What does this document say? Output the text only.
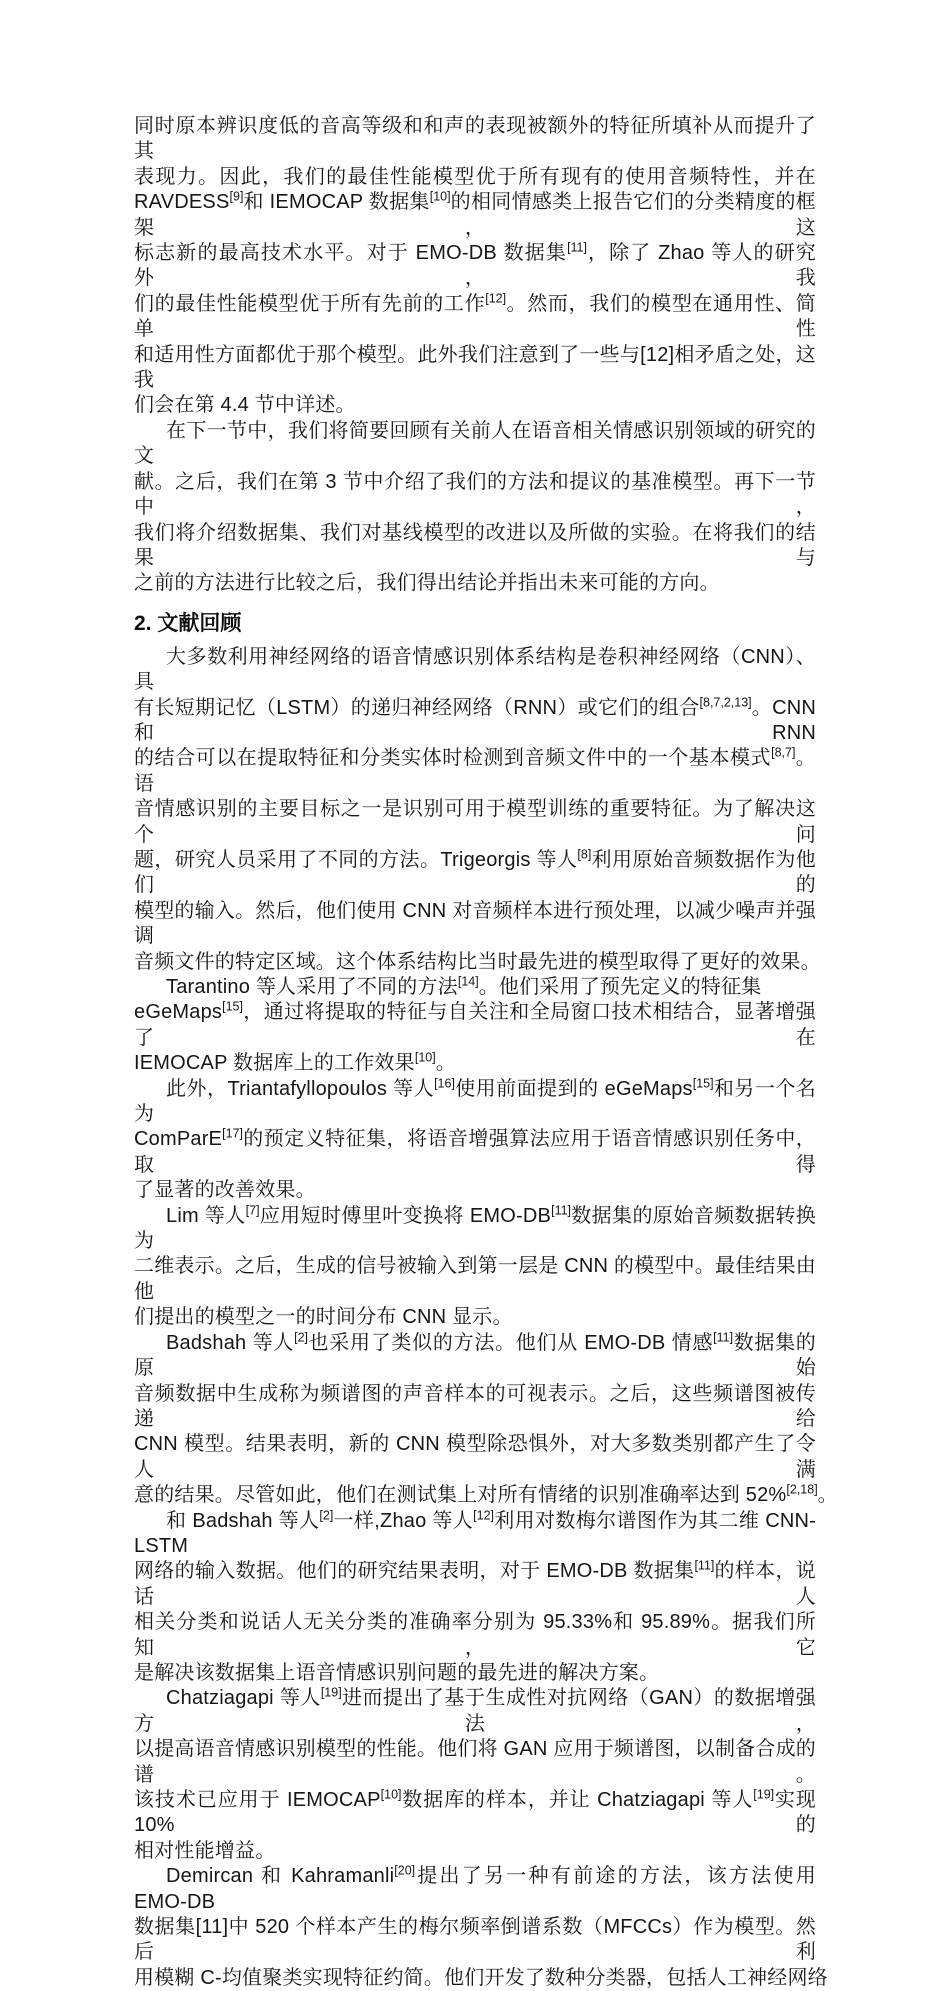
同时原本辨识度低的音高等级和和声的表现被额外的特征所填补从而提升了其
表现力。因此，我们的最佳性能模型优于所有现有的使用音频特性，并在
RAVDESS[9]和 IEMOCAP 数据集[10]的相同情感类上报告它们的分类精度的框架，这
标志新的最高技术水平。对于 EMO-DB 数据集[11]，除了 Zhao 等人的研究外，我
们的最佳性能模型优于所有先前的工作[12]。然而，我们的模型在通用性、简单性
和适用性方面都优于那个模型。此外我们注意到了一些与[12]相矛盾之处，这我
们会在第 4.4 节中详述。
在下一节中，我们将简要回顾有关前人在语音相关情感识别领域的研究的文
献。之后，我们在第 3 节中介绍了我们的方法和提议的基准模型。再下一节中，
我们将介绍数据集、我们对基线模型的改进以及所做的实验。在将我们的结果与
之前的方法进行比较之后，我们得出结论并指出未来可能的方向。
2. 文献回顾
大多数利用神经网络的语音情感识别体系结构是卷积神经网络（CNN）、具
有长短期记忆（LSTM）的递归神经网络（RNN）或它们的组合[8,7,2,13]。CNN 和 RNN
的结合可以在提取特征和分类实体时检测到音频文件中的一个基本模式[8,7]。语
音情感识别的主要目标之一是识别可用于模型训练的重要特征。为了解决这个问
题，研究人员采用了不同的方法。Trigeorgis 等人[8]利用原始音频数据作为他们的
模型的输入。然后，他们使用 CNN 对音频样本进行预处理，以减少噪声并强调
音频文件的特定区域。这个体系结构比当时最先进的模型取得了更好的效果。
Tarantino 等人采用了不同的方法[14]。他们采用了预先定义的特征集
eGeMaps[15]，通过将提取的特征与自关注和全局窗口技术相结合，显著增强了在
IEMOCAP 数据库上的工作效果[10]。
此外，Triantafyllopoulos 等人[16]使用前面提到的 eGeMaps[15]和另一个名为
ComParE[17]的预定义特征集，将语音增强算法应用于语音情感识别任务中，取得
了显著的改善效果。
Lim 等人[7]应用短时傅里叶变换将 EMO-DB[11]数据集的原始音频数据转换为
二维表示。之后，生成的信号被输入到第一层是 CNN 的模型中。最佳结果由他
们提出的模型之一的时间分布 CNN 显示。
Badshah 等人[2]也采用了类似的方法。他们从 EMO-DB 情感[11]数据集的原始
音频数据中生成称为频谱图的声音样本的可视表示。之后，这些频谱图被传递给
CNN 模型。结果表明，新的 CNN 模型除恐惧外，对大多数类别都产生了令人满
意的结果。尽管如此，他们在测试集上对所有情绪的识别准确率达到 52%[2,18]。
和 Badshah 等人[2]一样,Zhao 等人[12]利用对数梅尔谱图作为其二维 CNN-LSTM
网络的输入数据。他们的研究结果表明，对于 EMO-DB 数据集[11]的样本，说话人
相关分类和说话人无关分类的准确率分别为 95.33%和 95.89%。据我们所知，它
是解决该数据集上语音情感识别问题的最先进的解决方案。
Chatziagapi 等人[19]进而提出了基于生成性对抗网络（GAN）的数据增强方法，
以提高语音情感识别模型的性能。他们将 GAN 应用于频谱图，以制备合成的谱。
该技术已应用于 IEMOCAP[10]数据库的样本，并让 Chatziagapi 等人[19]实现 10%的
相对性能增益。
Demircan 和 Kahramanli[20]提出了另一种有前途的方法，该方法使用 EMO-DB
数据集[11]中 520 个样本产生的梅尔频率倒谱系数（MFCCs）作为模型。然后利
用模糊 C-均值聚类实现特征约简。他们开发了数种分类器，包括人工神经网络
